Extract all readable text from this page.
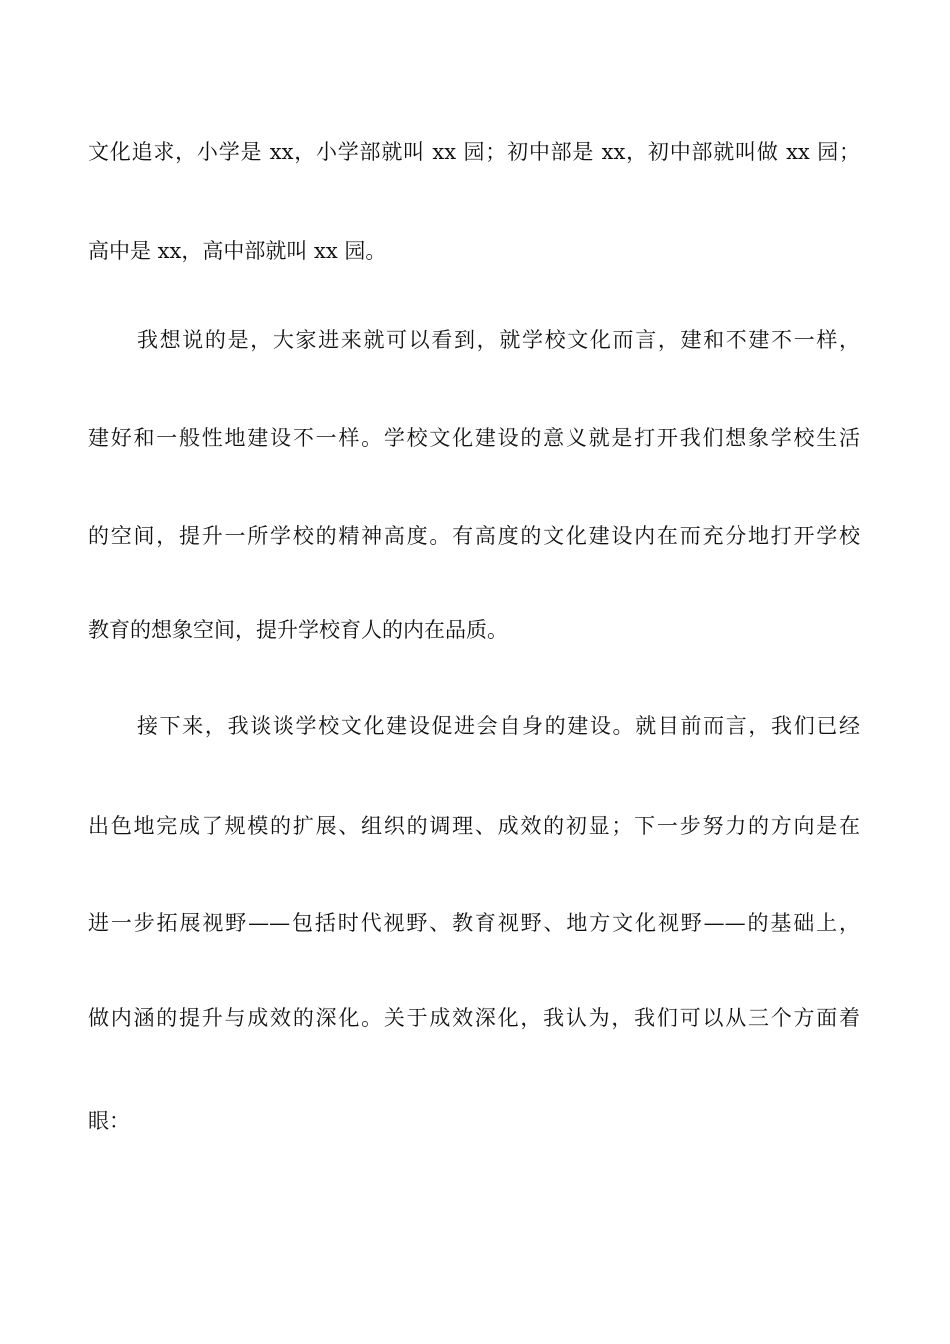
文化追求，小学是 xx，小学部就叫 xx 园；初中部是 xx，初中部就叫做 xx 园；
高中是 xx，高中部就叫 xx 园。
我想说的是，大家进来就可以看到，就学校文化而言，建和不建不一样，
建好和一般性地建设不一样。学校文化建设的意义就是打开我们想象学校生活
的空间，提升一所学校的精神高度。有高度的文化建设内在而充分地打开学校
教育的想象空间，提升学校育人的内在品质。
接下来，我谈谈学校文化建设促进会自身的建设。就目前而言，我们已经
出色地完成了规模的扩展、组织的调理、成效的初显；下一步努力的方向是在
进一步拓展视野——包括时代视野、教育视野、地方文化视野——的基础上，
做内涵的提升与成效的深化。关于成效深化，我认为，我们可以从三个方面着
眼：
